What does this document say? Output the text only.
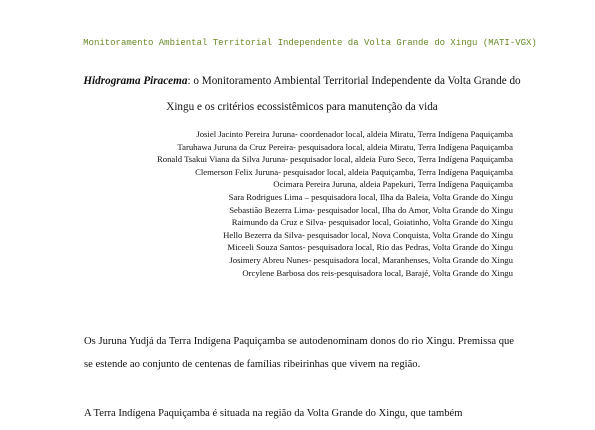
Monitoramento Ambiental Territorial Independente da Volta Grande do Xingu (MATI-VGX)
Hidrograma Piracema: o Monitoramento Ambiental Territorial Independente da Volta Grande do Xingu e os critérios ecossistêmicos para manutenção da vida
Josiel Jacinto Pereira Juruna- coordenador local, aldeia Miratu, Terra Indígena Paquiçamba
Taruhawa Juruna da Cruz Pereira- pesquisadora local, aldeia Miratu, Terra Indígena Paquiçamba
Ronald Tsakui Viana da Silva Juruna- pesquisador local, aldeia Furo Seco, Terra Indígena Paquiçamba
Clemerson Felix Juruna- pesquisador local, aldeia Paquiçamba, Terra Indígena Paquiçamba
Ocimara Pereira Juruna, aldeia Papekuri, Terra Indígena Paquiçamba
Sara Rodrigues Lima – pesquisadora local, Ilha da Baleia, Volta Grande do Xingu
Sebastião Bezerra Lima- pesquisador local, Ilha do Amor, Volta Grande do Xingu
Raimundo da Cruz e Silva- pesquisador local, Goiatinho, Volta Grande do Xingu
Hello Bezerra da Silva- pesquisador local, Nova Conquista, Volta Grande do Xingu
Miceeli Souza Santos- pesquisadora local, Rio das Pedras, Volta Grande do Xingu
Josimery Abreu Nunes- pesquisadora local, Maranhenses, Volta Grande do Xingu
Orcylene Barbosa dos reis-pesquisadora local, Barajé, Volta Grande do Xingu
Os Juruna Yudjá da Terra Indígena Paquiçamba se autodenominam donos do rio Xingu. Premissa que se estende ao conjunto de centenas de famílias ribeirinhas que vivem na região.
A Terra Indígena Paquiçamba é situada na região da Volta Grande do Xingu, que também
